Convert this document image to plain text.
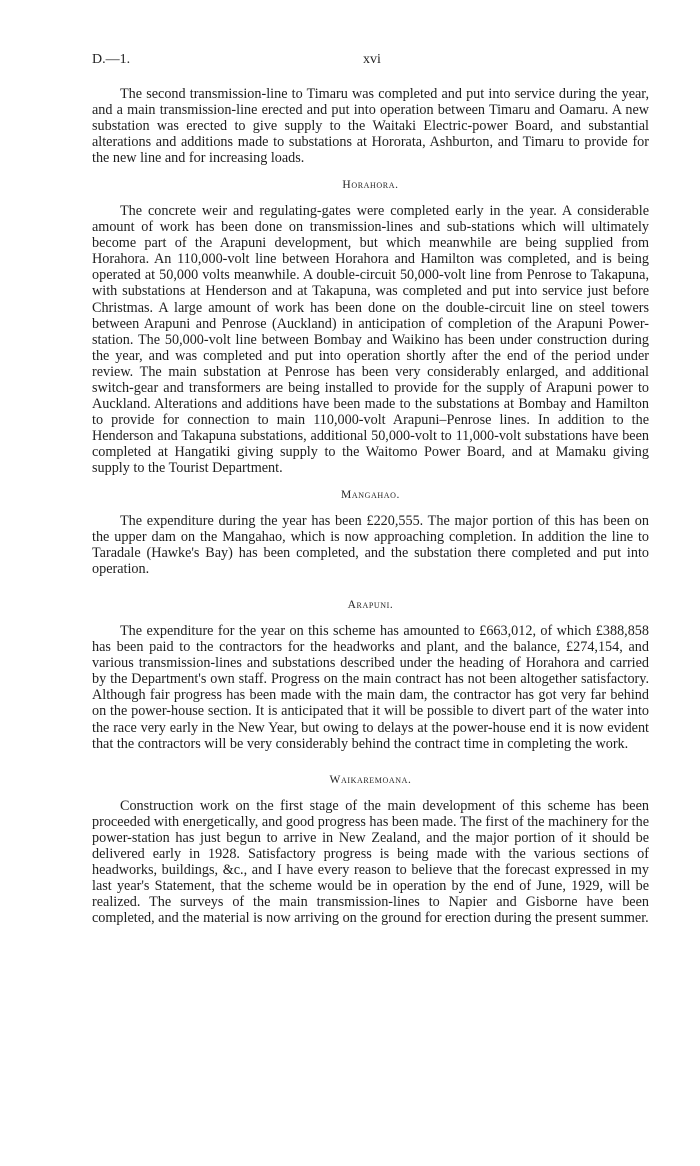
D.—1.	xvi

The second transmission-line to Timaru was completed and put into service during the year, and a main transmission-line erected and put into operation between Timaru and Oamaru. A new substation was erected to give supply to the Waitaki Electric-power Board, and substantial alterations and additions made to substations at Hororata, Ashburton, and Timaru to provide for the new line and for increasing loads.

Horahora.

The concrete weir and regulating-gates were completed early in the year. A considerable amount of work has been done on transmission-lines and sub-stations which will ultimately become part of the Arapuni development, but which meanwhile are being supplied from Horahora. An 110,000-volt line between Horahora and Hamilton was completed, and is being operated at 50,000 volts meanwhile. A double-circuit 50,000-volt line from Penrose to Takapuna, with substations at Henderson and at Takapuna, was completed and put into service just before Christmas. A large amount of work has been done on the double-circuit line on steel towers between Arapuni and Penrose (Auckland) in anticipation of completion of the Arapuni Power-station. The 50,000-volt line between Bombay and Waikino has been under construction during the year, and was completed and put into operation shortly after the end of the period under review. The main substation at Penrose has been very considerably enlarged, and additional switch-gear and transformers are being installed to provide for the supply of Arapuni power to Auckland. Alterations and additions have been made to the substations at Bombay and Hamilton to provide for connection to main 110,000-volt Arapuni–Penrose lines. In addition to the Henderson and Takapuna substations, additional 50,000-volt to 11,000-volt substations have been completed at Hangatiki giving supply to the Waitomo Power Board, and at Mamaku giving supply to the Tourist Department.

Mangahao.

The expenditure during the year has been £220,555. The major portion of this has been on the upper dam on the Mangahao, which is now approaching completion. In addition the line to Taradale (Hawke's Bay) has been completed, and the substation there completed and put into operation.

Arapuni.

The expenditure for the year on this scheme has amounted to £663,012, of which £388,858 has been paid to the contractors for the headworks and plant, and the balance, £274,154, and various transmission-lines and substations described under the heading of Horahora and carried by the Department's own staff. Progress on the main contract has not been altogether satisfactory. Although fair progress has been made with the main dam, the contractor has got very far behind on the power-house section. It is anticipated that it will be possible to divert part of the water into the race very early in the New Year, but owing to delays at the power-house end it is now evident that the contractors will be very considerably behind the contract time in completing the work.

Waikaremoana.

Construction work on the first stage of the main development of this scheme has been proceeded with energetically, and good progress has been made. The first of the machinery for the power-station has just begun to arrive in New Zealand, and the major portion of it should be delivered early in 1928. Satisfactory progress is being made with the various sections of headworks, buildings, &c., and I have every reason to believe that the forecast expressed in my last year's Statement, that the scheme would be in operation by the end of June, 1929, will be realized. The surveys of the main transmission-lines to Napier and Gisborne have been completed, and the material is now arriving on the ground for erection during the present summer.
